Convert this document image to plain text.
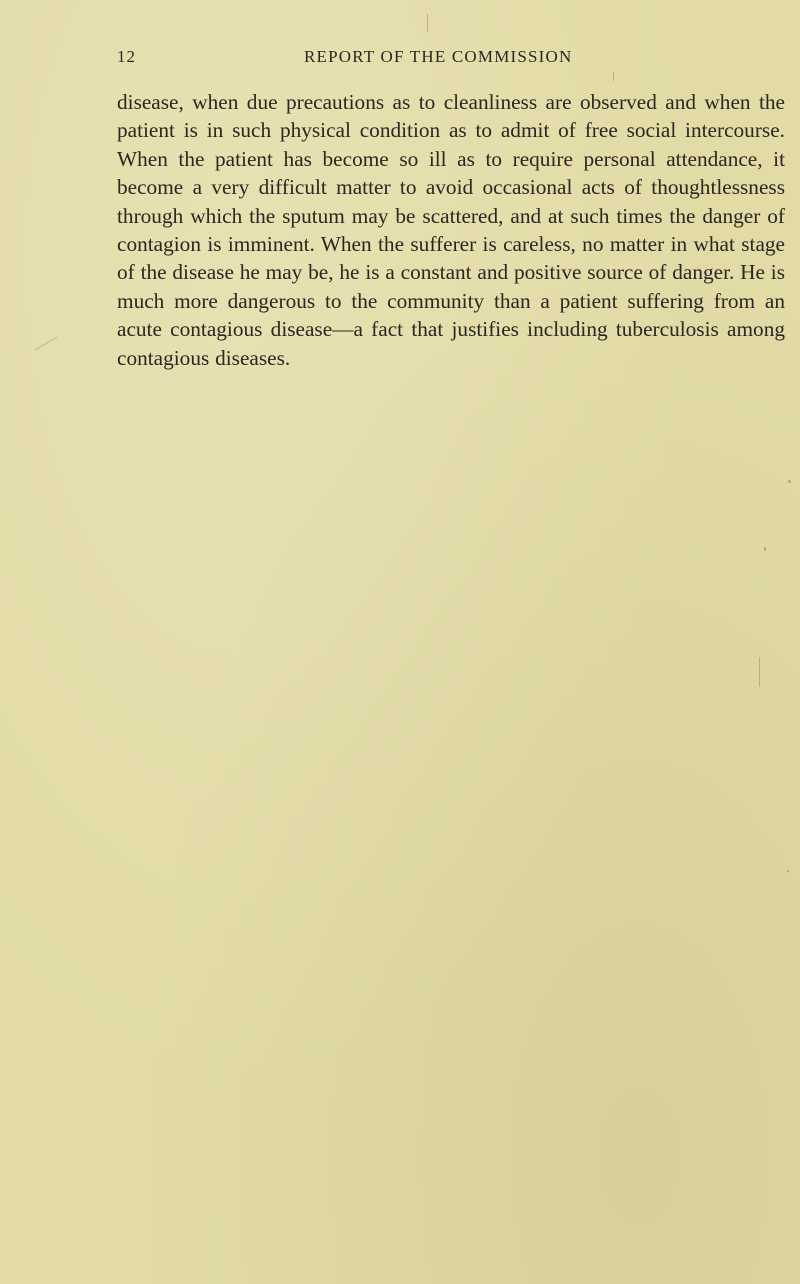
12	REPORT OF THE COMMISSION

disease, when due precautions as to cleanliness are observed and when the patient is in such physical condition as to admit of free social intercourse. When the patient has become so ill as to require personal attendance, it become a very difficult matter to avoid occasional acts of thoughtlessness through which the sputum may be scattered, and at such times the danger of contagion is imminent. When the sufferer is careless, no matter in what stage of the disease he may be, he is a constant and positive source of danger. He is much more dangerous to the community than a patient suffering from an acute contagious disease—a fact that justifies including tuberculosis among contagious diseases.
